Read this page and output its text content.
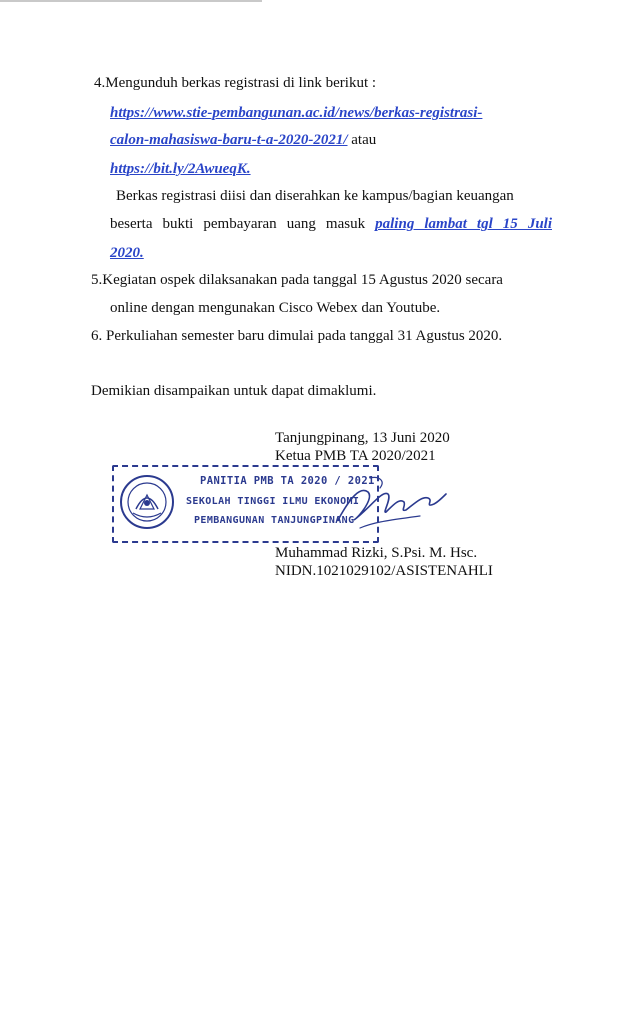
4.Mengunduh berkas registrasi di link berikut :
https://www.stie-pembangunan.ac.id/news/berkas-registrasi-
calon-mahasiswa-baru-t-a-2020-2021/ atau
https://bit.ly/2AwueqK.
Berkas registrasi diisi dan diserahkan ke kampus/bagian keuangan
beserta bukti pembayaran uang masuk paling lambat tgl 15 Juli
2020.
5.Kegiatan ospek dilaksanakan pada tanggal 15 Agustus 2020 secara
online dengan mengunakan Cisco Webex dan Youtube.
6. Perkuliahan semester baru dimulai pada tanggal 31 Agustus 2020.
Demikian disampaikan untuk dapat dimaklumi.
Tanjungpinang, 13 Juni 2020
Ketua PMB TA 2020/2021
PANITIA PMB TA 2020 / 2021
SEKOLAH TINGGI ILMU EKONOMI
PEMBANGUNAN TANJUNGPINANG
Muhammad Rizki, S.Psi. M. Hsc.
NIDN.1021029102/ASISTENAHLI
